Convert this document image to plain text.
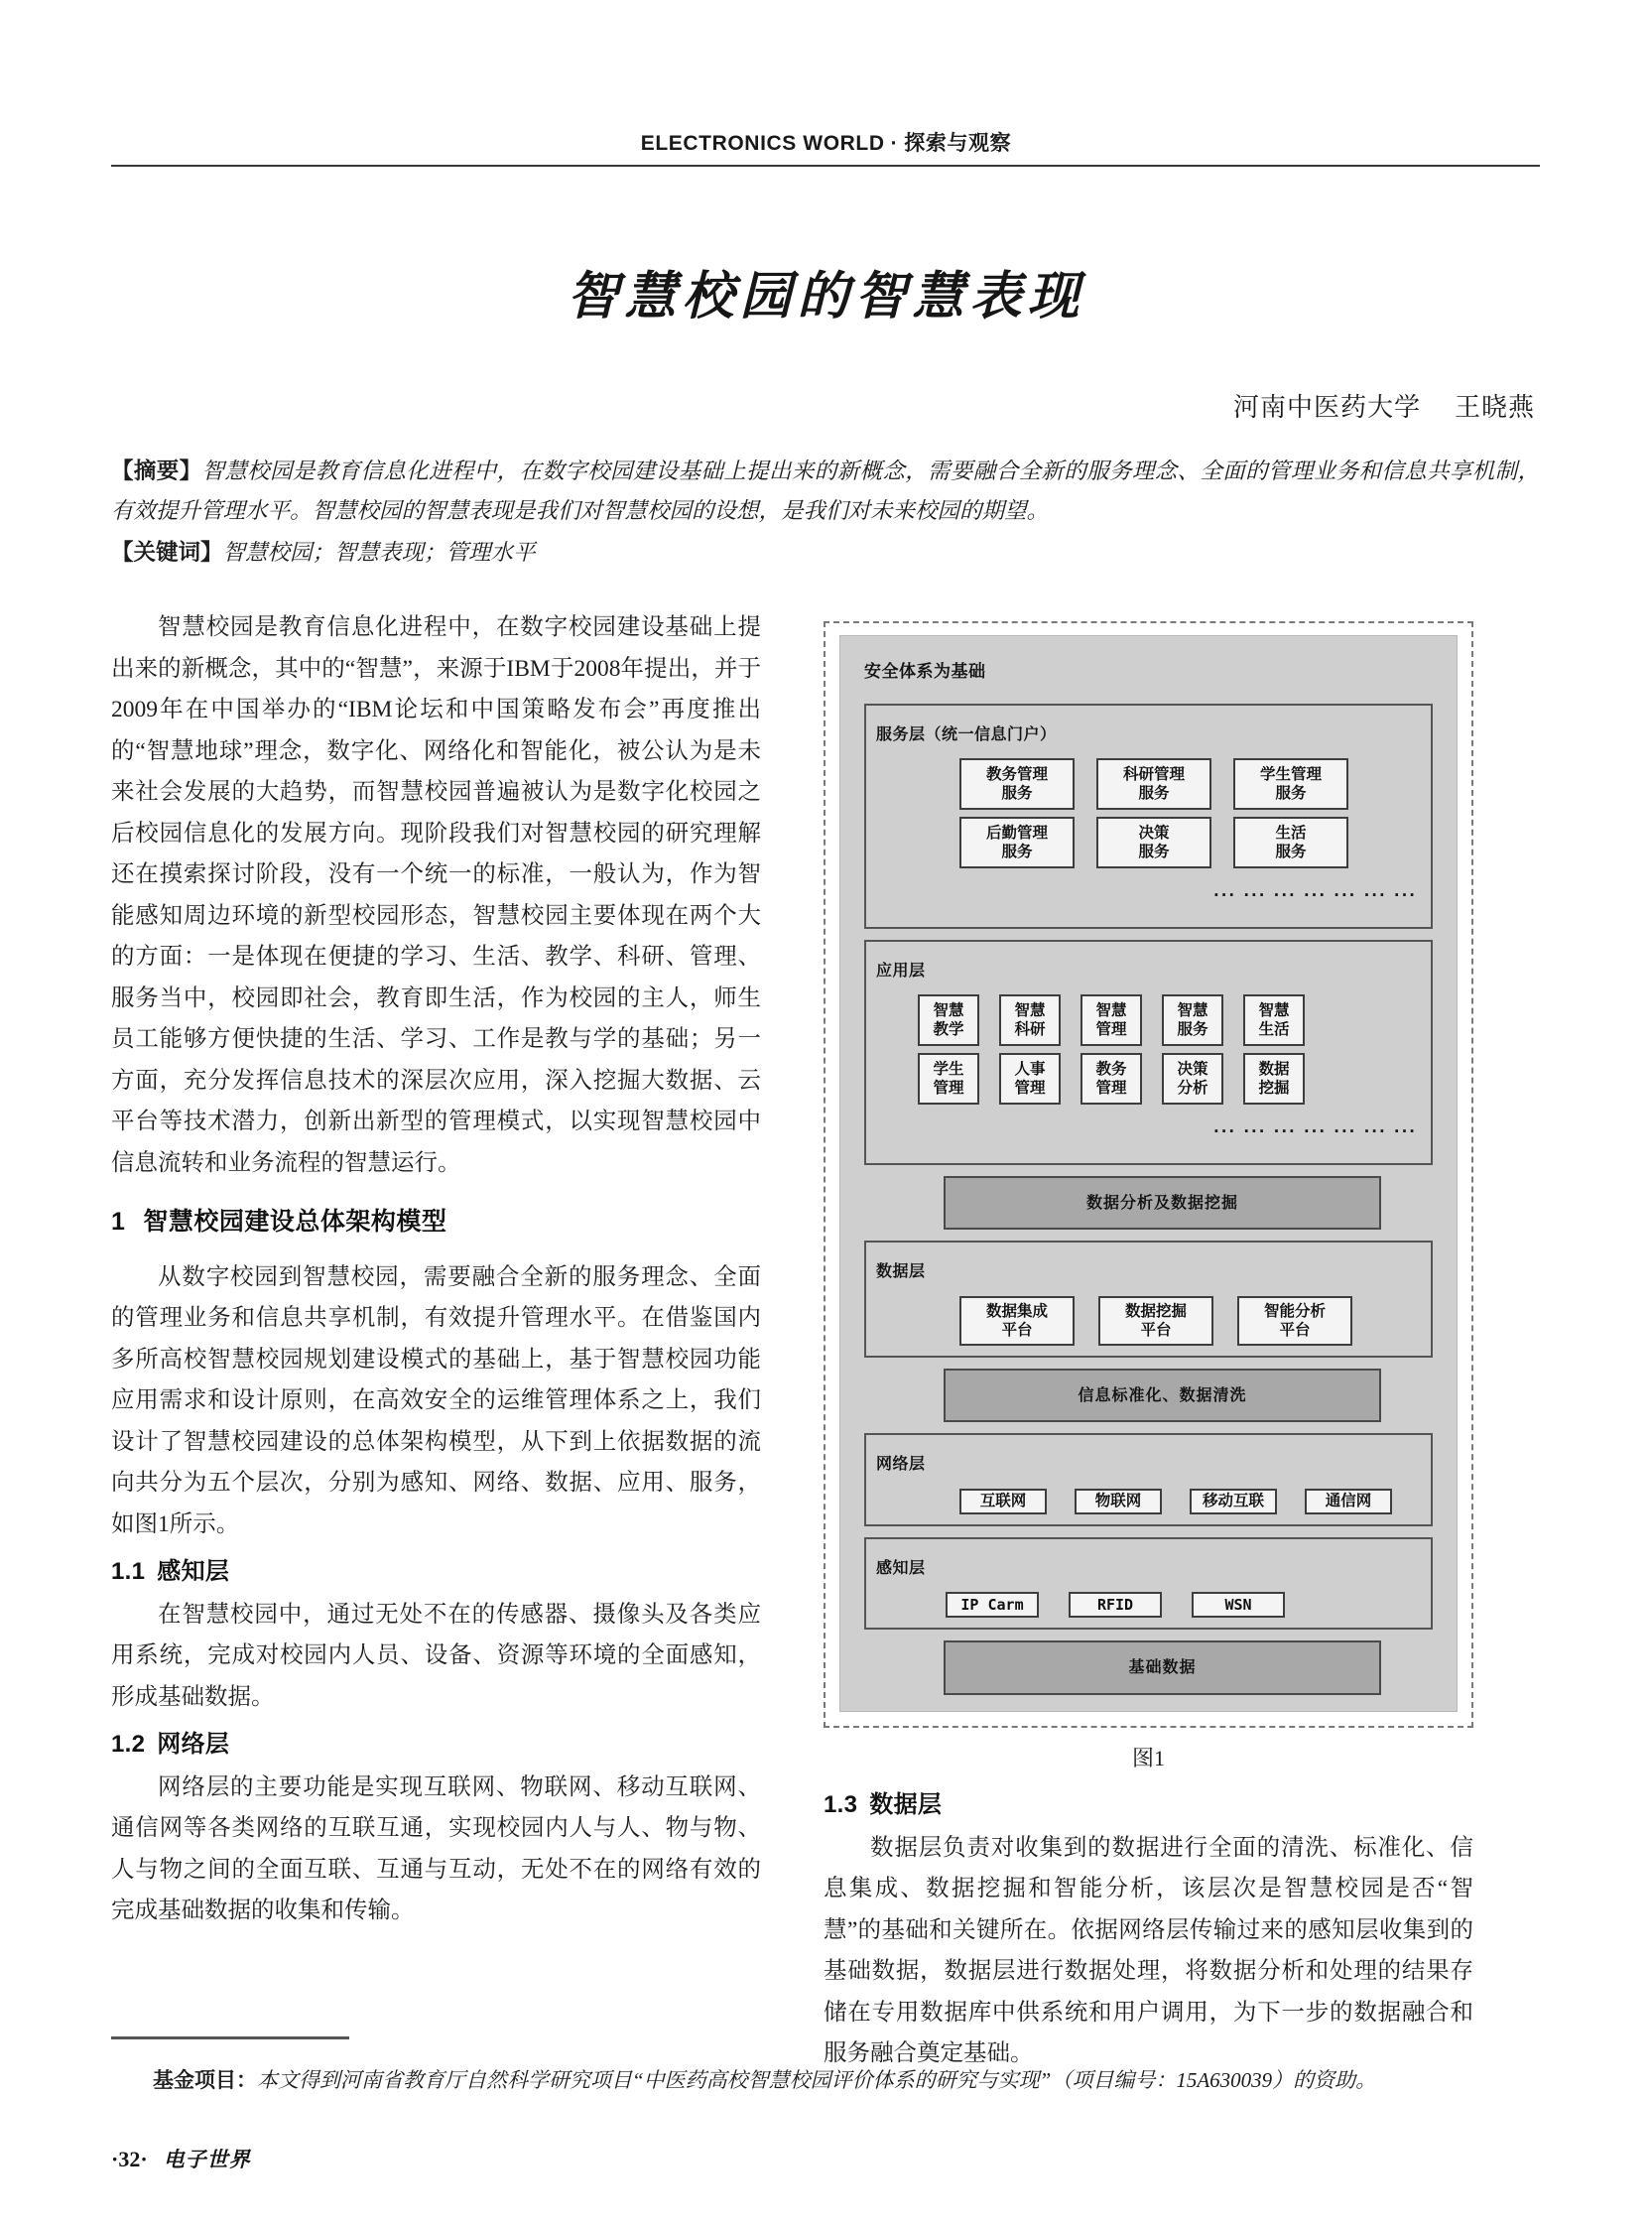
ELECTRONICS WORLD · 探索与观察
智慧校园的智慧表现
河南中医药大学 王晓燕
【摘要】智慧校园是教育信息化进程中，在数字校园建设基础上提出来的新概念，需要融合全新的服务理念、全面的管理业务和信息共享机制，有效提升管理水平。智慧校园的智慧表现是我们对智慧校园的设想，是我们对未来校园的期望。
【关键词】智慧校园；智慧表现；管理水平

智慧校园是教育信息化进程中，在数字校园建设基础上提出来的新概念，其中的“智慧”，来源于IBM于2008年提出，并于2009年在中国举办的“IBM论坛和中国策略发布会”再度推出的“智慧地球”理念，数字化、网络化和智能化，被公认为是未来社会发展的大趋势，而智慧校园普遍被认为是数字化校园之后校园信息化的发展方向。现阶段我们对智慧校园的研究理解还在摸索探讨阶段，没有一个统一的标准，一般认为，作为智能感知周边环境的新型校园形态，智慧校园主要体现在两个大的方面：一是体现在便捷的学习、生活、教学、科研、管理、服务当中，校园即社会，教育即生活，作为校园的主人，师生员工能够方便快捷的生活、学习、工作是教与学的基础；另一方面，充分发挥信息技术的深层次应用，深入挖掘大数据、云平台等技术潜力，创新出新型的管理模式，以实现智慧校园中信息流转和业务流程的智慧运行。

1 智慧校园建设总体架构模型

从数字校园到智慧校园，需要融合全新的服务理念、全面的管理业务和信息共享机制，有效提升管理水平。在借鉴国内多所高校智慧校园规划建设模式的基础上，基于智慧校园功能应用需求和设计原则，在高效安全的运维管理体系之上，我们设计了智慧校园建设的总体架构模型，从下到上依据数据的流向共分为五个层次，分别为感知、网络、数据、应用、服务，如图1所示。

1.1 感知层

在智慧校园中，通过无处不在的传感器、摄像头及各类应用系统，完成对校园内人员、设备、资源等环境的全面感知，形成基础数据。

1.2 网络层

网络层的主要功能是实现互联网、物联网、移动互联网、通信网等各类网络的互联互通，实现校园内人与人、物与物、人与物之间的全面互联、互通与互动，无处不在的网络有效的完成基础数据的收集和传输。

安全体系为基础
服务层（统一信息门户）
教务管理
服务
科研管理
服务
学生管理
服务
后勤管理
服务
决策
服务
生活
服务
··· ··· ··· ··· ··· ··· ···
应用层
智慧
教学
智慧
科研
智慧
管理
智慧
服务
智慧
生活
学生
管理
人事
管理
教务
管理
决策
分析
数据
挖掘
··· ··· ··· ··· ··· ··· ···
数据分析及数据挖掘
数据层
数据集成
平台
数据挖掘
平台
智能分析
平台
信息标准化、数据清洗
网络层
互联网	物联网	移动互联	通信网
感知层
IP Carm	RFID	WSN
基础数据
图1
1.3 数据层

数据层负责对收集到的数据进行全面的清洗、标准化、信息集成、数据挖掘和智能分析，该层次是智慧校园是否“智慧”的基础和关键所在。依据网络层传输过来的感知层收集到的基础数据，数据层进行数据处理，将数据分析和处理的结果存储在专用数据库中供系统和用户调用，为下一步的数据融合和服务融合奠定基础。

基金项目：本文得到河南省教育厅自然科学研究项目“中医药高校智慧校园评价体系的研究与实现”（项目编号：15A630039）的资助。
·32· 电子世界
